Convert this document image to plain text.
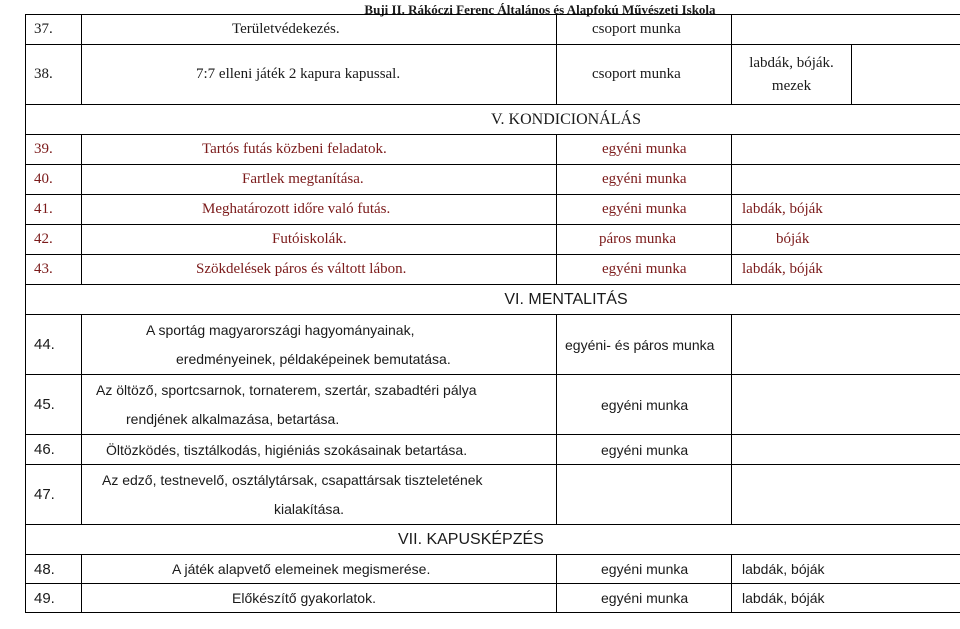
Buji II. Rákóczi Ferenc Általános és Alapfokú Művészeti Iskola
37.	Területvédekezés.	csoport munka		
38.	7:7 elleni játék 2 kapura kapussal.	csoport munka	labdák, bóják. mezek	
V. KONDICIONÁLÁS				
39.	Tartós futás közbeni feladatok.	egyéni munka		
40.	Fartlek megtanítása.	egyéni munka		
41.	Meghatározott időre való futás.	egyéni munka	labdák, bóják	
42.	Futóiskolák.	páros munka	bóják	
43.	Szökdelések páros és váltott lábon.	egyéni munka	labdák, bóják	
VI. MENTALITÁS				
44.	A sportág magyarországi hagyományainak,
eredményeinek, példaképeinek bemutatása.	egyéni- és páros munka		
45.	Az öltöző, sportcsarnok, tornaterem, szertár, szabadtéri pálya
rendjének alkalmazása, betartása.	egyéni munka		
46.	Öltözködés, tisztálkodás, higiéniás szokásainak betartása.	egyéni munka		
47.	Az edző, testnevelő, osztálytársak, csapattársak tiszteletének
kialakítása.			

VII. KAPUSKÉPZÉS				
48.	A játék alapvető elemeinek megismerése.	egyéni munka	labdák, bóják	
49.	Előkészítő gyakorlatok.	egyéni munka	labdák, bóják	
